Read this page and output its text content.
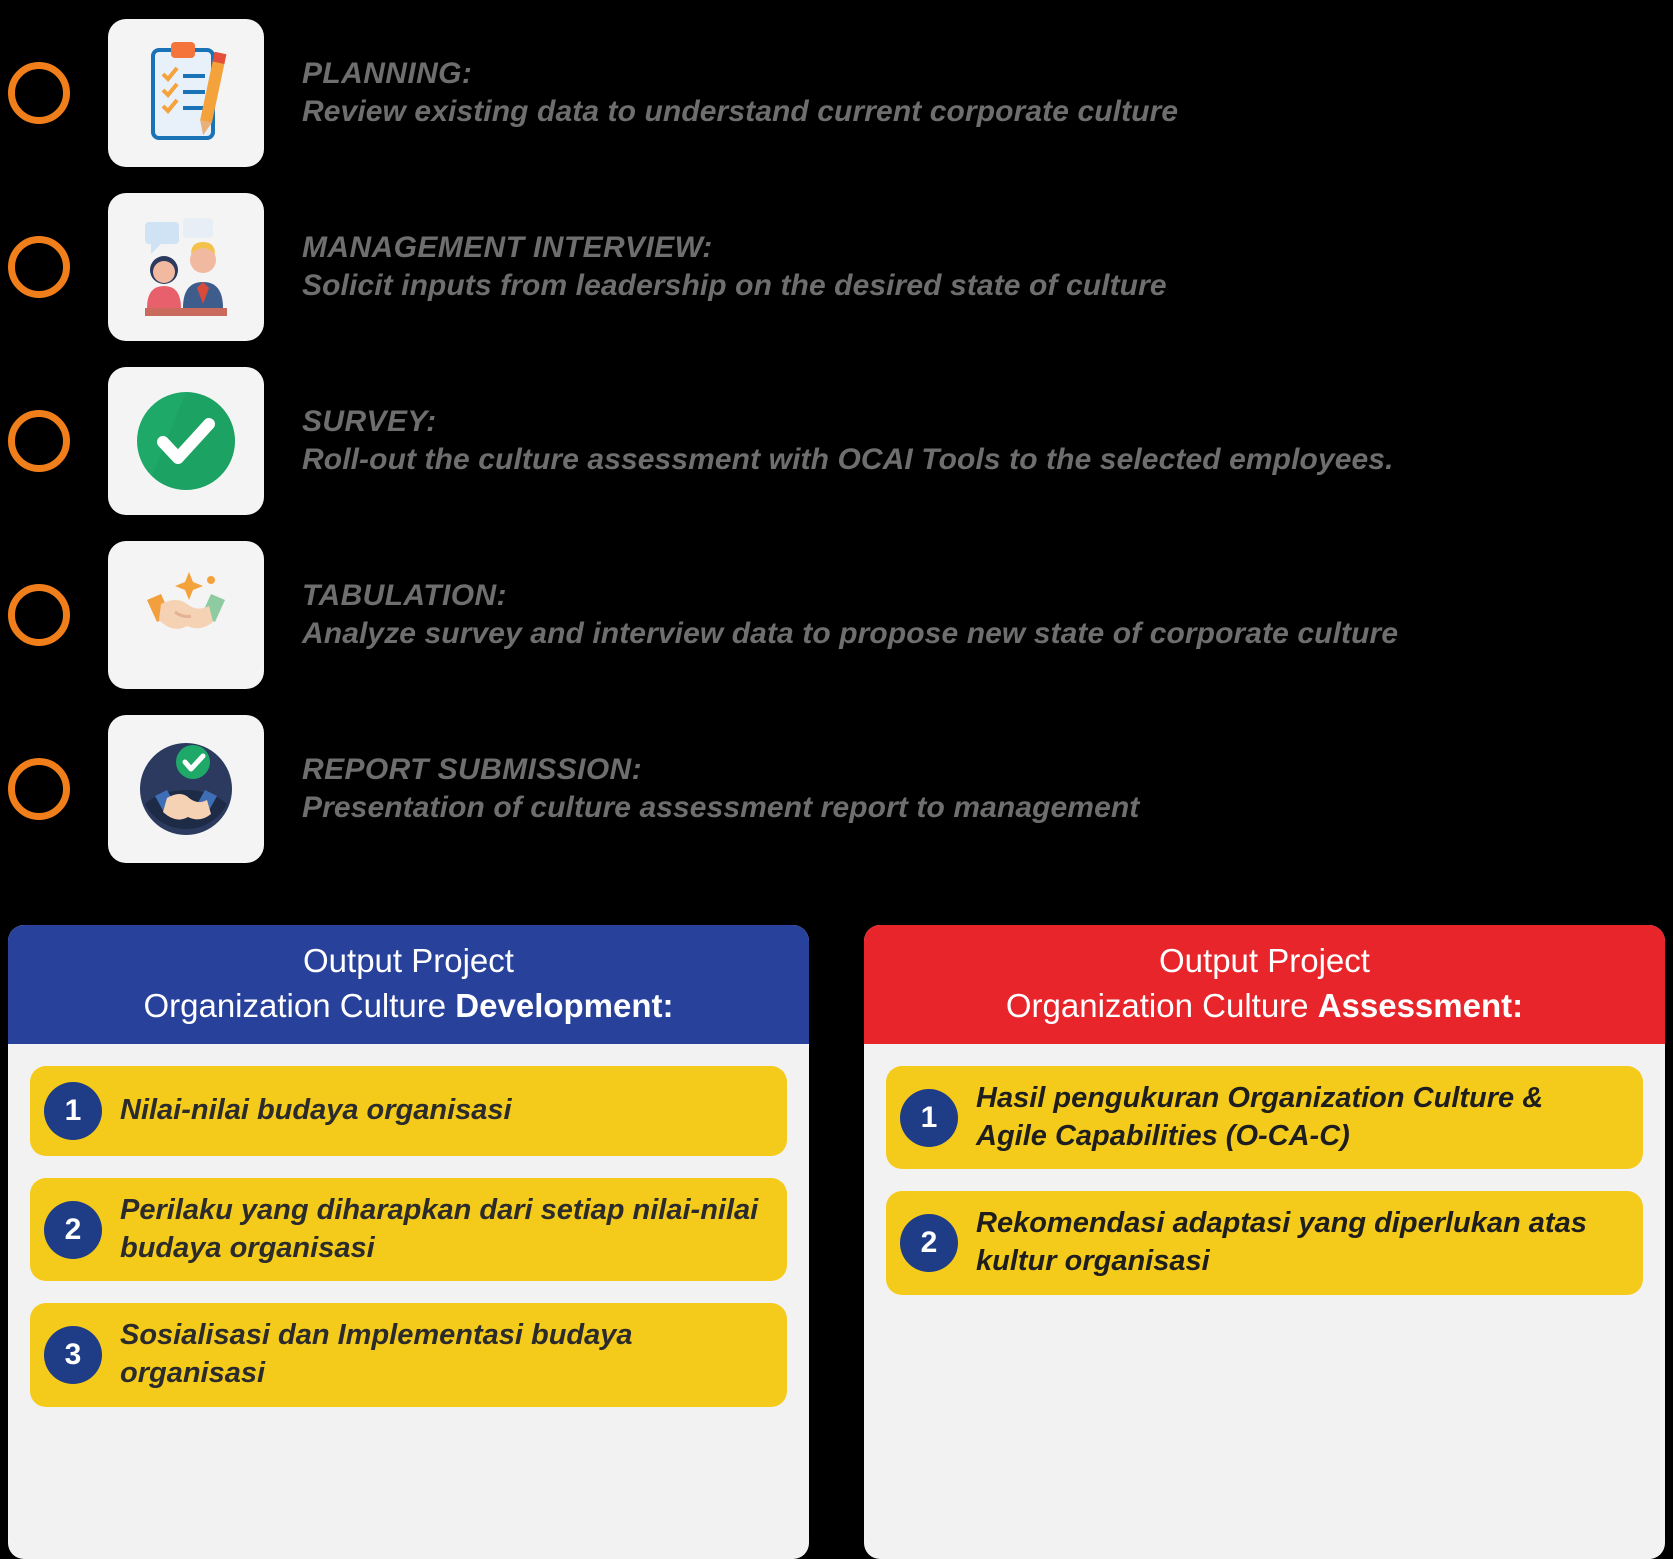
PLANNING:
Review existing data to understand current corporate culture
MANAGEMENT INTERVIEW:
Solicit inputs from leadership on the desired state of culture
SURVEY:
Roll-out the culture assessment with OCAI Tools to the selected employees.
TABULATION:
Analyze survey and interview data to propose new state of corporate culture
REPORT SUBMISSION:
Presentation of culture assessment report to management
Output Project
Organization Culture Development:
1	Nilai-nilai budaya organisasi
2
Perilaku yang diharapkan dari setiap nilai-nilai budaya organisasi
3
Sosialisasi dan Implementasi budaya organisasi
Output Project
Organization Culture Assessment:
1
Hasil pengukuran Organization Culture & Agile Capabilities (O-CA-C)
2
Rekomendasi adaptasi yang diperlukan atas kultur organisasi
